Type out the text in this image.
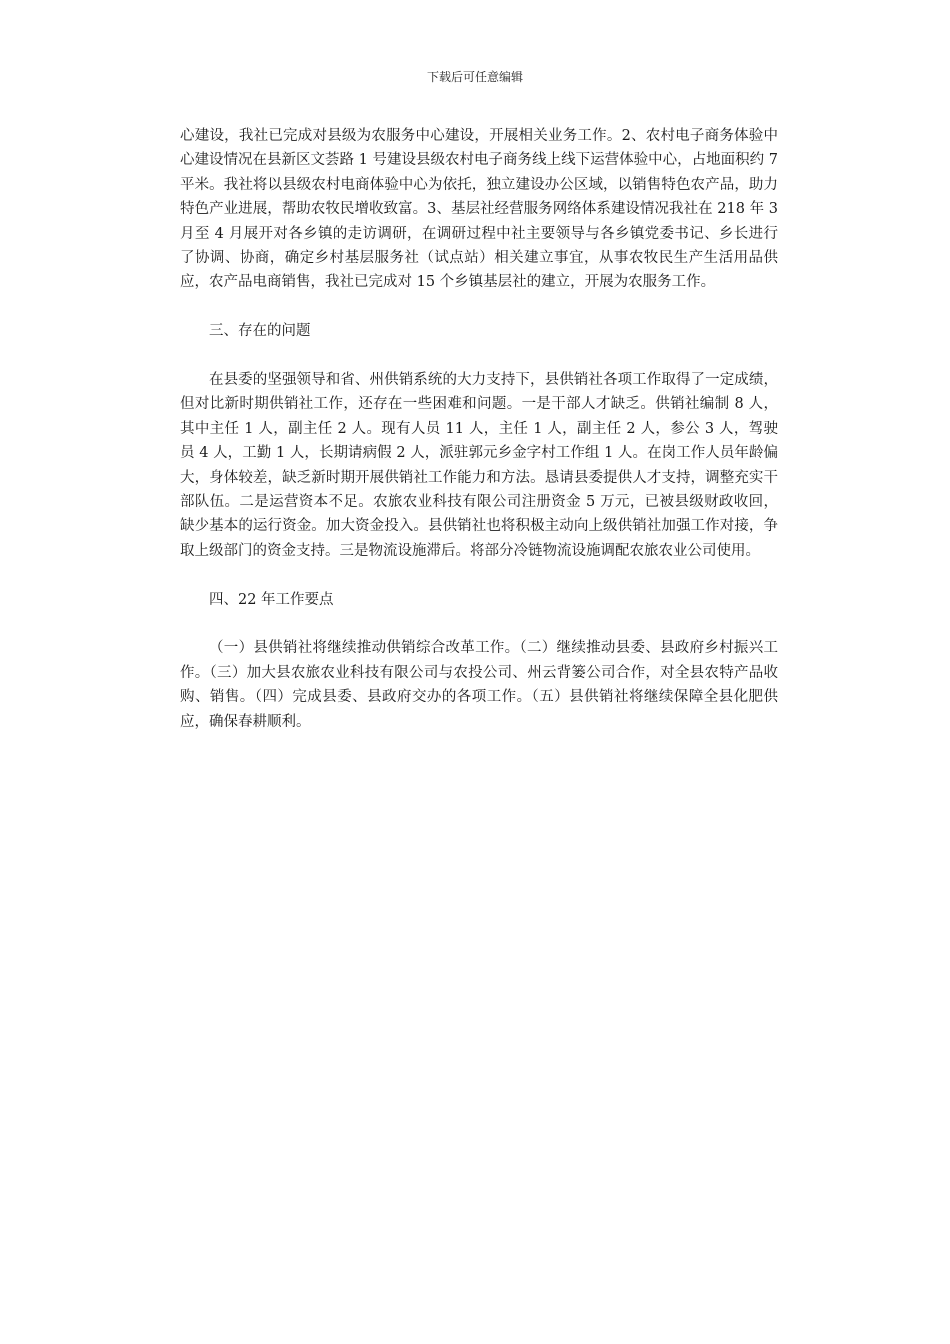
下载后可任意编辑

心建设，我社已完成对县级为农服务中心建设，开展相关业务工作。2、农村电子商务体验中心建设情况在县新区文荟路 1 号建设县级农村电子商务线上线下运营体验中心，占地面积约 7 平米。我社将以县级农村电商体验中心为依托，独立建设办公区域，以销售特色农产品，助力特色产业进展，帮助农牧民增收致富。3、基层社经营服务网络体系建设情况我社在 218 年 3 月至 4 月展开对各乡镇的走访调研，在调研过程中社主要领导与各乡镇党委书记、乡长进行了协调、协商，确定乡村基层服务社（试点站）相关建立事宜，从事农牧民生产生活用品供应，农产品电商销售，我社已完成对 15 个乡镇基层社的建立，开展为农服务工作。

三、存在的问题

在县委的坚强领导和省、州供销系统的大力支持下，县供销社各项工作取得了一定成绩，但对比新时期供销社工作，还存在一些困难和问题。一是干部人才缺乏。供销社编制 8 人，其中主任 1 人，副主任 2 人。现有人员 11 人，主任 1 人，副主任 2 人，参公 3 人，驾驶员 4 人，工勤 1 人，长期请病假 2 人，派驻郭元乡金字村工作组 1 人。在岗工作人员年龄偏大，身体较差，缺乏新时期开展供销社工作能力和方法。恳请县委提供人才支持，调整充实干部队伍。二是运营资本不足。农旅农业科技有限公司注册资金 5 万元，已被县级财政收回，缺少基本的运行资金。加大资金投入。县供销社也将积极主动向上级供销社加强工作对接，争取上级部门的资金支持。三是物流设施滞后。将部分冷链物流设施调配农旅农业公司使用。

四、22 年工作要点

（一）县供销社将继续推动供销综合改革工作。（二）继续推动县委、县政府乡村振兴工作。（三）加大县农旅农业科技有限公司与农投公司、州云背篓公司合作，对全县农特产品收购、销售。（四）完成县委、县政府交办的各项工作。（五）县供销社将继续保障全县化肥供应，确保春耕顺利。
